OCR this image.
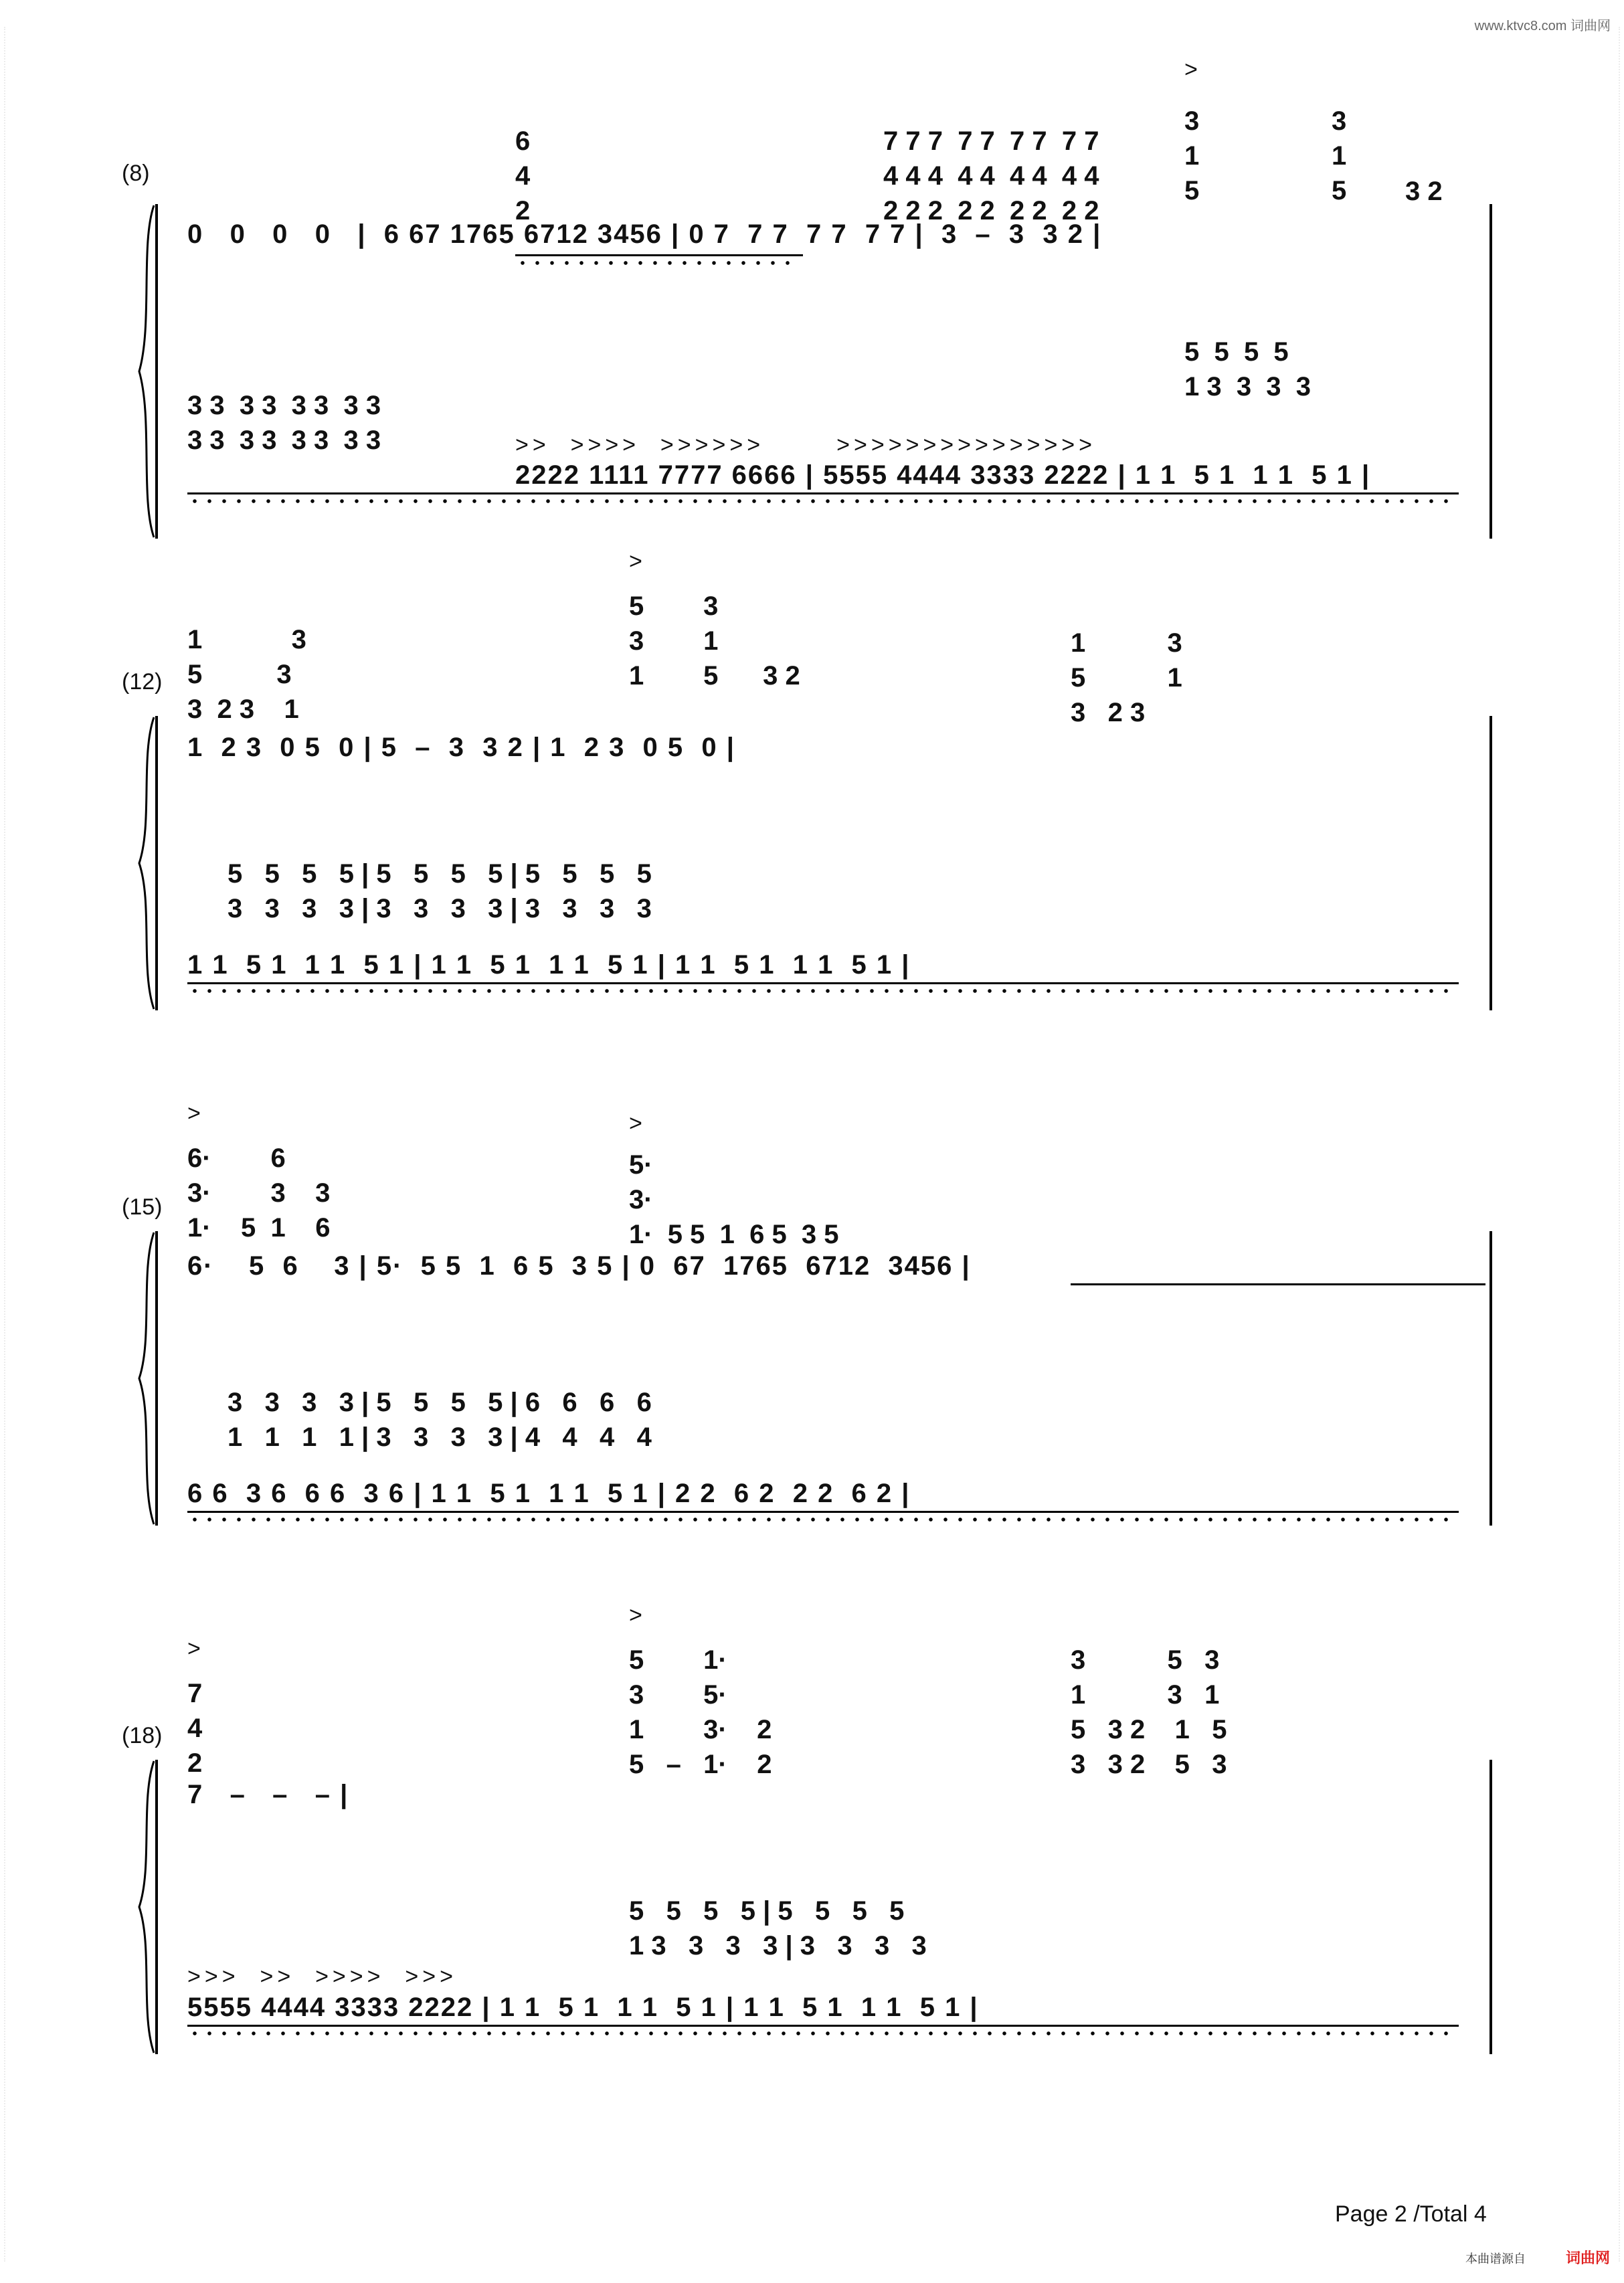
www.ktvc8.com 词曲网
(8)
6
4
2
7 7 7  7 7  7 7  7 7
4 4 4  4 4  4 4  4 4
2 2 2  2 2  2 2  2 2
>
3
1
5
3
1
5 3 2
0   0   0   0   |  6 67 1765 6712 3456 | 0 7  7 7  7 7  7 7 |  3  –  3  3 2 |
5  5  5  5
1 3  3  3  3
3 3  3 3  3 3  3 3
3 3  3 3  3 3  3 3	>>  >>>>  >>>>>>       >>>>>>>>>>>>>>>
2222 1111 7777 6666 | 5555 4444 3333 2222 | 1 1  5 1  1 1  5 1 |
(12)
1            3
5          3
3  2 3    1
>
5        3
3        1
1        5      3 2
1           3
5           1
3   2 3
1  2 3  0 5  0 | 5  –  3  3 2 | 1  2 3  0 5  0 |
5   5   5   5 | 5   5   5   5 | 5   5   5   5
3   3   3   3 | 3   3   3   3 | 3   3   3   3
1 1  5 1  1 1  5 1 | 1 1  5 1  1 1  5 1 | 1 1  5 1  1 1  5 1 |
(15)
>
6·        6
3·        3    3
1·    5  1    6
>
5·
3·
1·  5 5  1  6 5  3 5
6·    5  6    3 | 5·  5 5  1  6 5  3 5 | 0  67  1765  6712  3456 |
3   3   3   3 | 5   5   5   5 | 6   6   6   6
1   1   1   1 | 3   3   3   3 | 4   4   4   4
6 6  3 6  6 6  3 6 | 1 1  5 1  1 1  5 1 | 2 2  6 2  2 2  6 2 |
(18)
>
7
4
2
>
5        1·
3        5·
1        3·    2
5   –   1·    2
3           5   3
1           3   1
5   3 2    1   5
3   3 2    5   3
7   –   –   – |
5   5   5   5 | 5   5   5   5
1 3   3   3   3 | 3   3   3   3
>>>  >>  >>>>  >>>
5555 4444 3333 2222 | 1 1  5 1  1 1  5 1 | 1 1  5 1  1 1  5 1 |
Page 2 /Total 4
本曲谱源自	词曲网
